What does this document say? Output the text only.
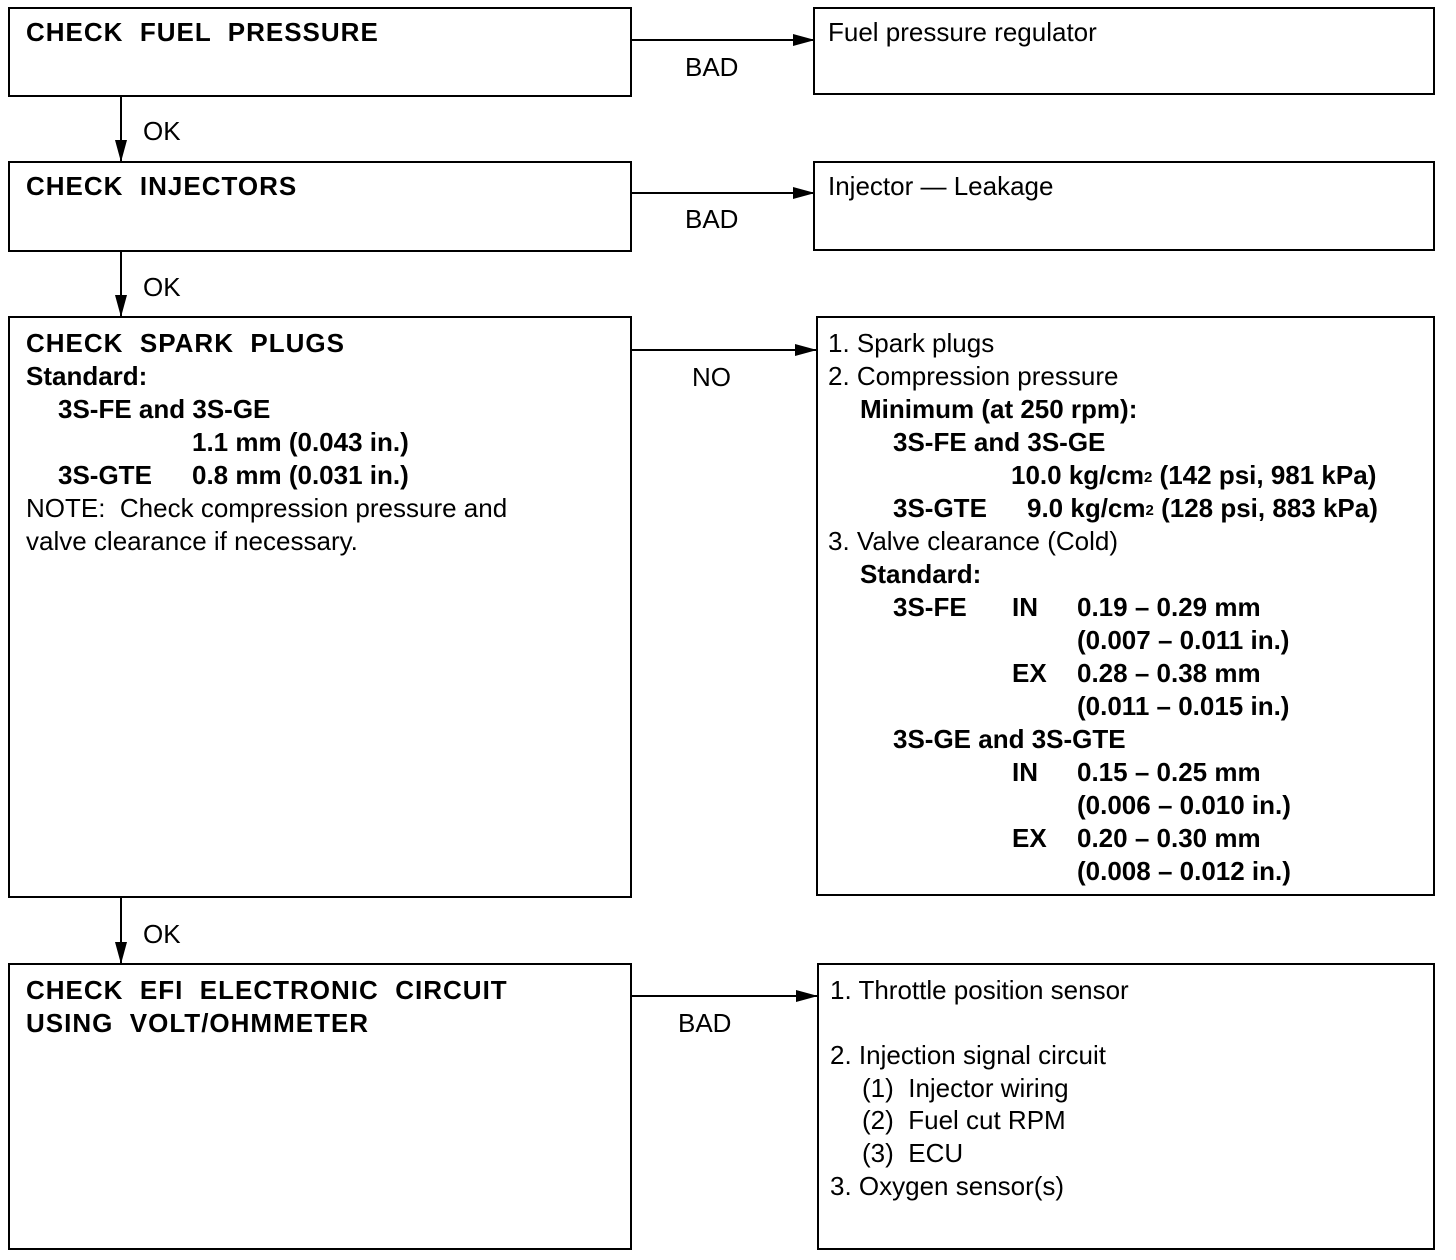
CHECK  FUEL  PRESSURE
BAD
Fuel pressure regulator
OK
CHECK  INJECTORS
BAD
Injector — Leakage
OK
CHECK  SPARK  PLUGS
Standard:
3S-FE and 3S-GE
1.1 mm (0.043 in.)
3S-GTE 0.8 mm (0.031 in.)
NOTE:  Check compression pressure and
valve clearance if necessary.
NO
1. Spark plugs
2. Compression pressure
Minimum (at 250 rpm):
3S-FE and 3S-GE
10.0 $kg/cm^2$ (142 psi, 981 kPa)
3S-GTE 9.0 $kg/cm^2$ (128 psi, 883 kPa)
3. Valve clearance (Cold)
Standard:
3S-FE IN 0.19 – 0.29 mm
(0.007 – 0.011 in.)
EX 0.28 – 0.38 mm
(0.011 – 0.015 in.)
3S-GE and 3S-GTE
IN 0.15 – 0.25 mm
(0.006 – 0.010 in.)
EX 0.20 – 0.30 mm
(0.008 – 0.012 in.)
OK
CHECK  EFI  ELECTRONIC  CIRCUIT
USING  VOLT/OHMMETER	BAD
1. Throttle position sensor
2. Injection signal circuit
(1)  Injector wiring
(2)  Fuel cut RPM
(3)  ECU
3. Oxygen sensor(s)
